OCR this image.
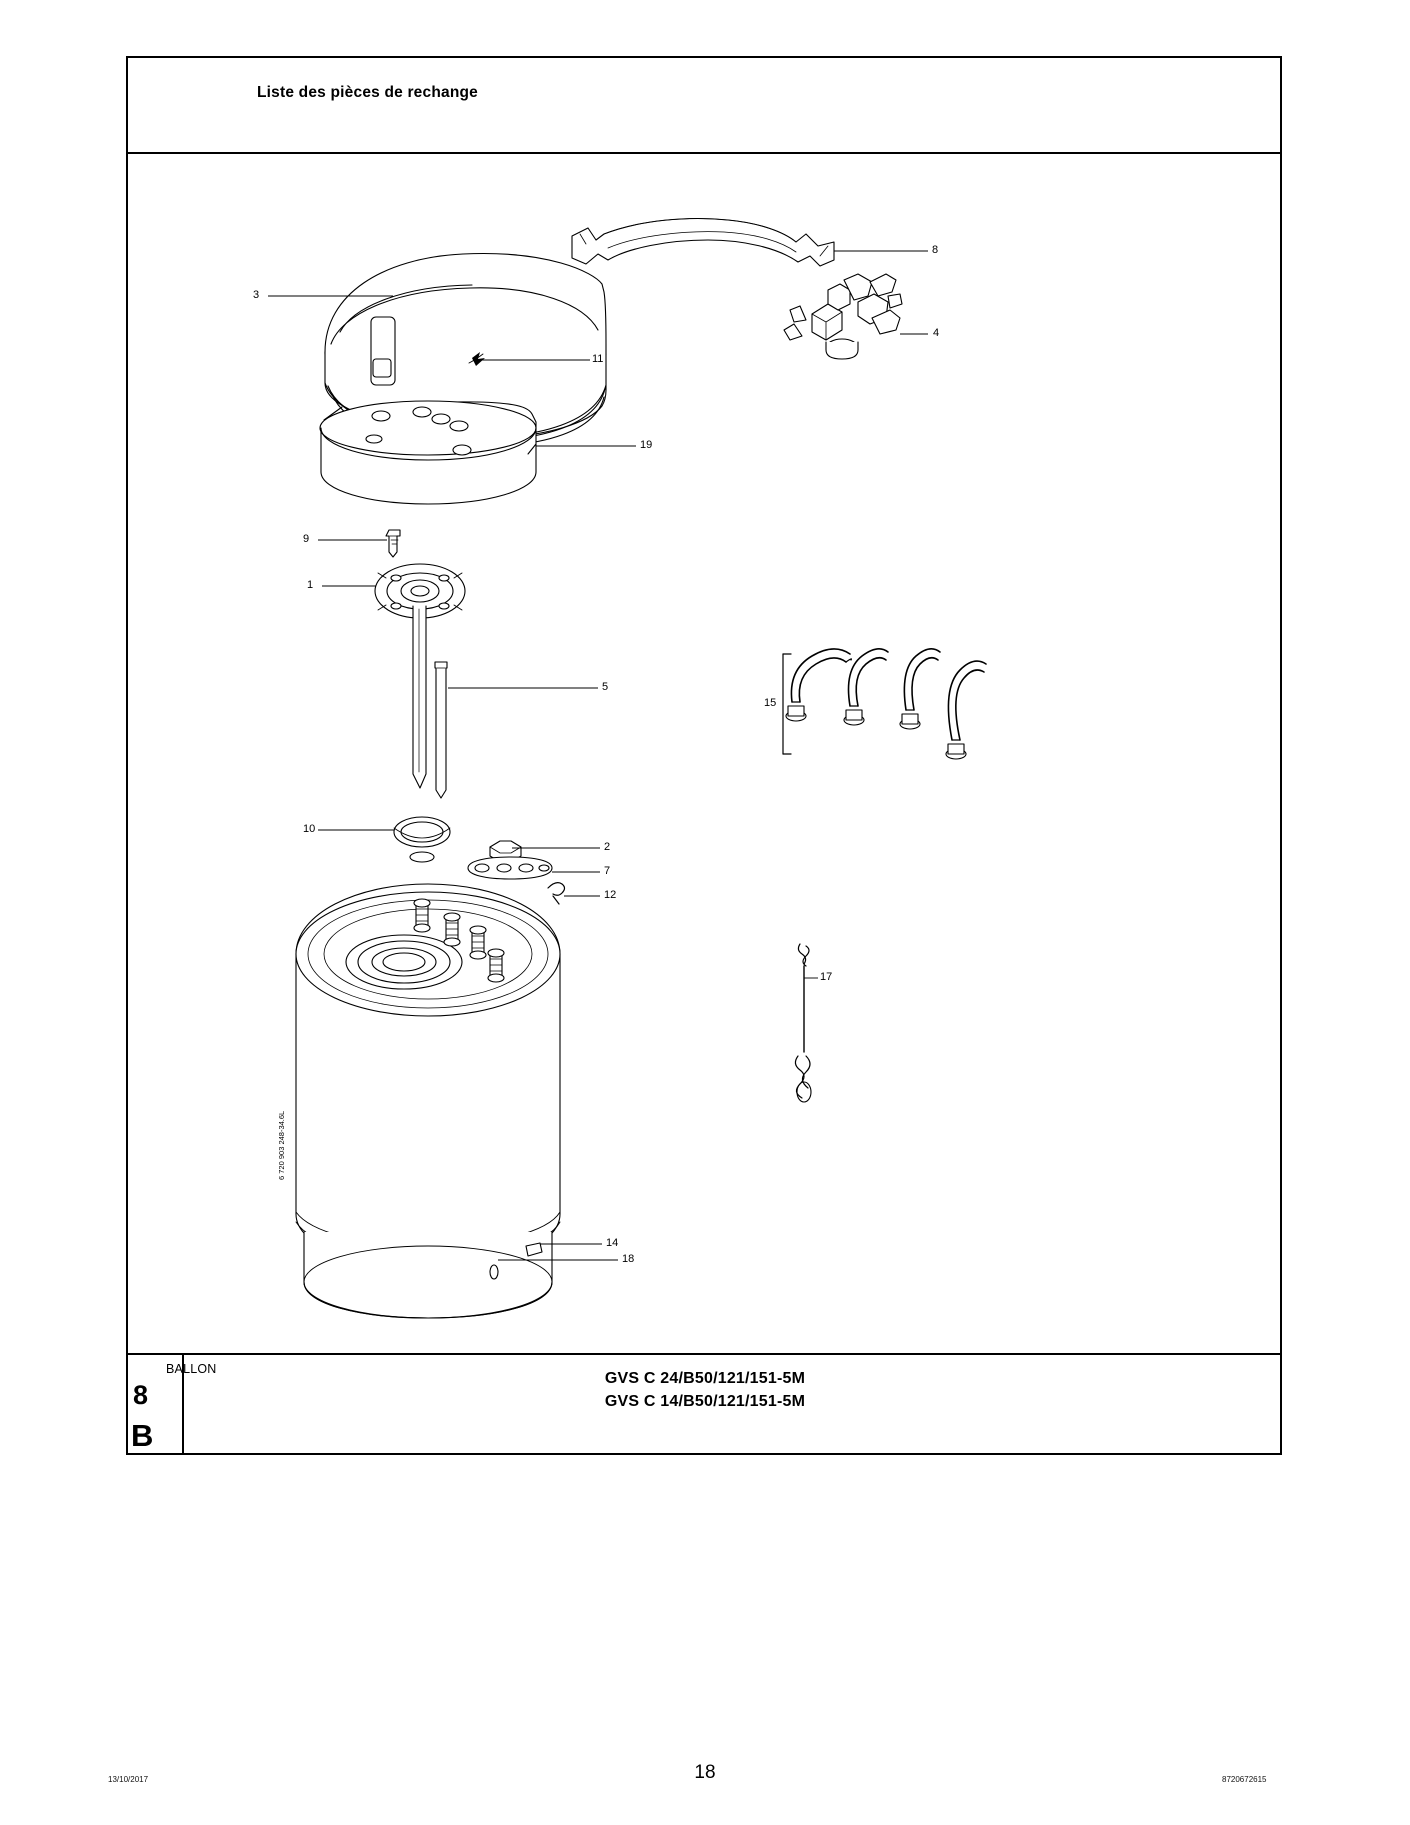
Liste des pièces de rechange
3
11
8
4
19
9
1
5
15
10
2
7
12
17
14
18
6 720 903 248-34.6L
BALLON
8
B
GVS C 24/B50/121/151-5M
GVS C 14/B50/121/151-5M
13/10/2017	18	8720672615
